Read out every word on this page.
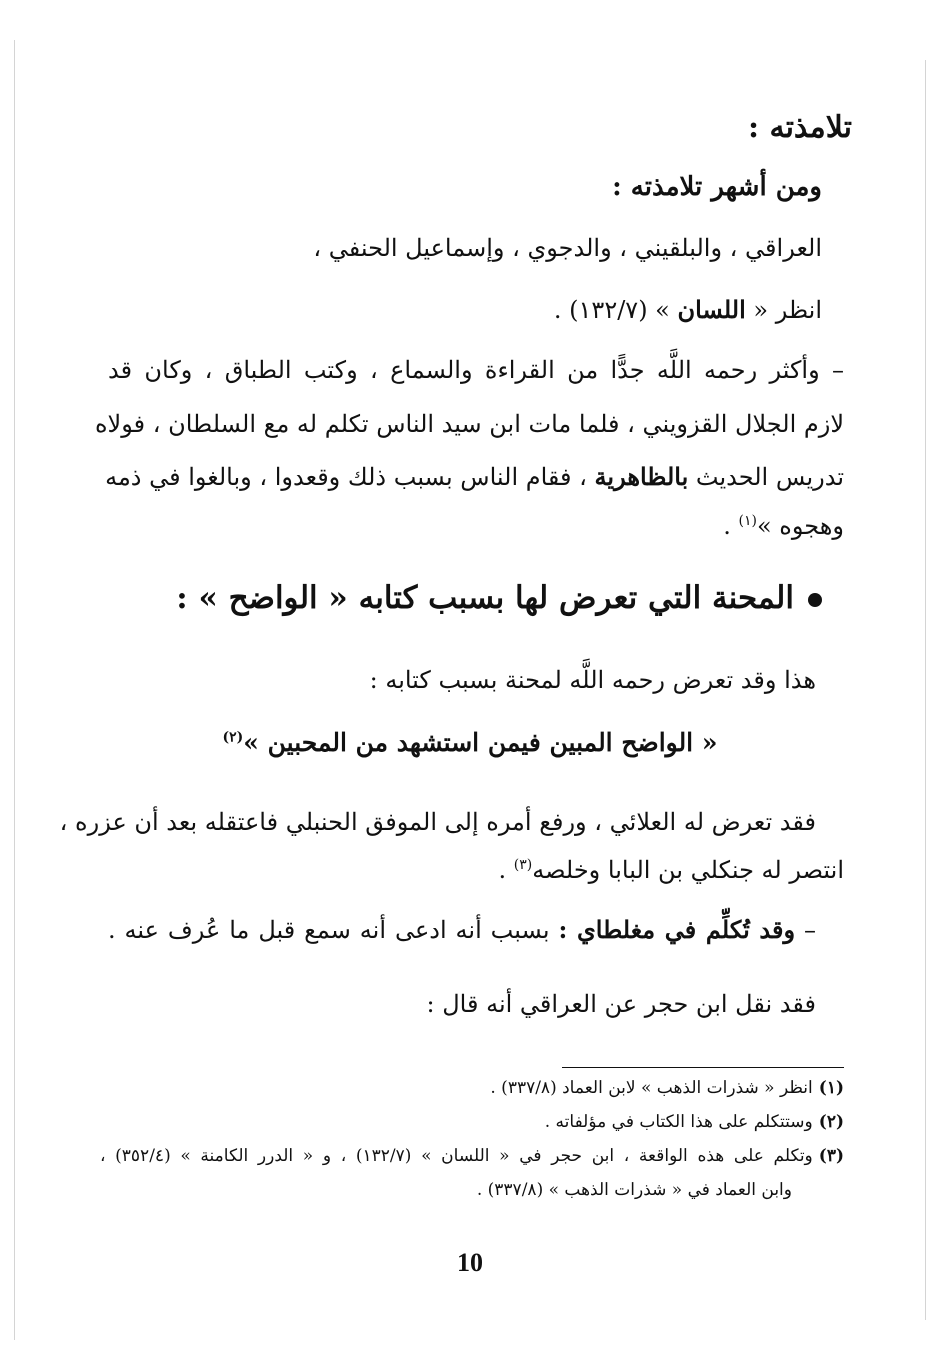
تلامذته :
ومن أشهر تلامذته :
العراقي ، والبلقيني ، والدجوي ، وإسماعيل الحنفي ،
انظر « اللسان » (١٣٢/٧) .
– وأكثر رحمه اللَّه جدًّا من القراءة والسماع ، وكتب الطباق ، وكان قد
لازم الجلال القزويني ، فلما مات ابن سيد الناس تكلم له مع السلطان ، فولاه
تدريس الحديث بالظاهرية ، فقام الناس بسبب ذلك وقعدوا ، وبالغوا في ذمه
وهجوه »$^{(١)}$ .
المحنة التي تعرض لها بسبب كتابه « الواضح » :
هذا وقد تعرض رحمه اللَّه لمحنة بسبب كتابه :
« الواضح المبين فيمن استشهد من المحبين »$^{(٢)}$
فقد تعرض له العلائي ، ورفع أمره إلى الموفق الحنبلي فاعتقله بعد أن عزره ،
انتصر له جنكلي بن البابا وخلصه$^{(٣)}$ .
– وقد تُكلِّم في مغلطاي : بسبب أنه ادعى أنه سمع قبل ما عُرف عنه .
فقد نقل ابن حجر عن العراقي أنه قال :
(١)انظر « شذرات الذهب » لابن العماد (٣٣٧/٨) .
(٢)وستتكلم على هذا الكتاب في مؤلفاته .
(٣)وتكلم على هذه الواقعة ، ابن حجر في « اللسان » (١٣٢/٧) ، و « الدرر الكامنة » (٣٥٢/٤) ،
وابن العماد في « شذرات الذهب » (٣٣٧/٨) .
10
